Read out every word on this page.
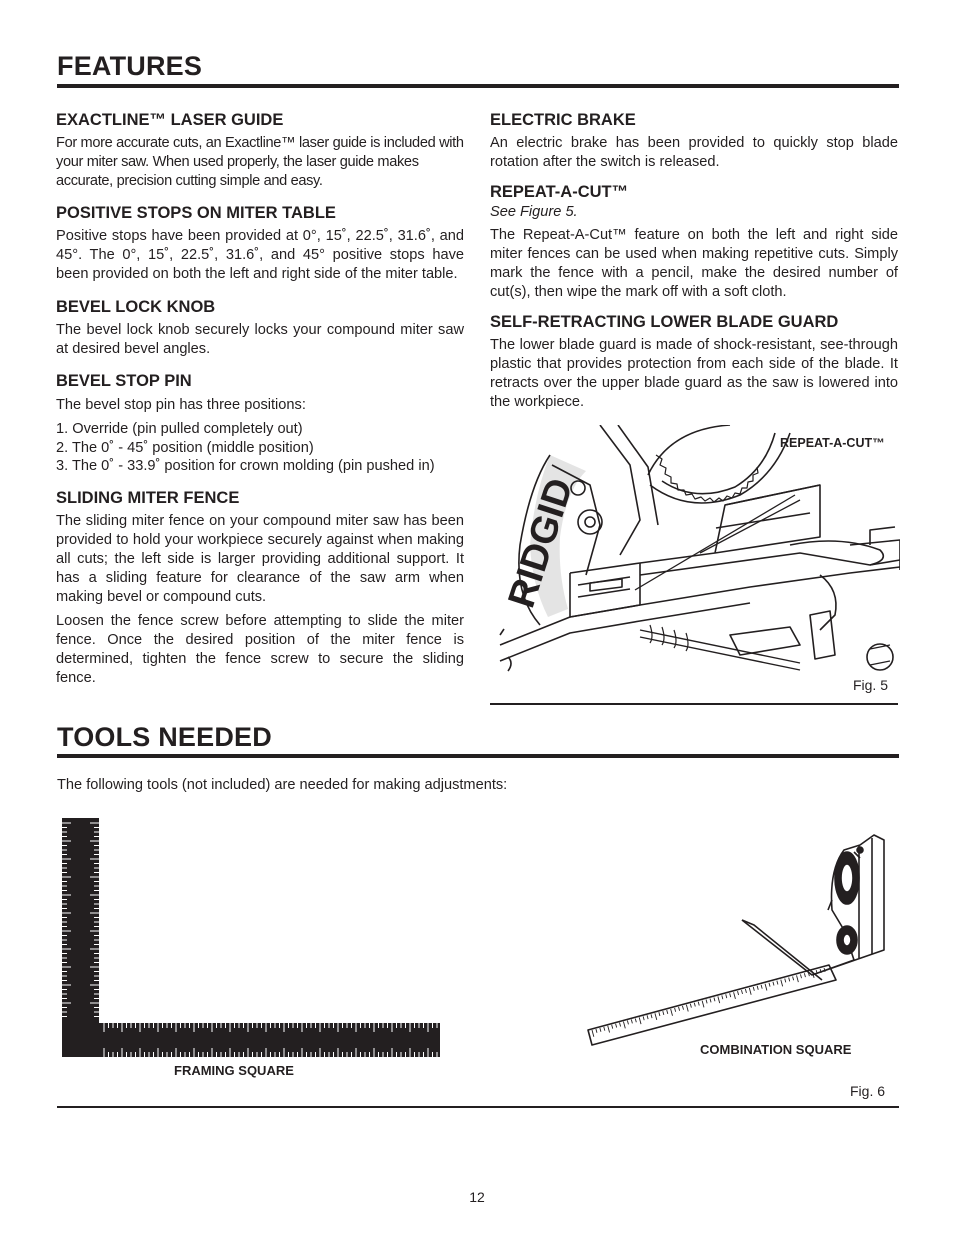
FEATURES
EXACTLINE™ LASER GUIDE

For more accurate cuts, an Exactline™ laser guide is included with your miter saw. When used properly, the laser guide makes accurate, precision cutting simple and easy.

POSITIVE STOPS ON MITER TABLE

Positive stops have been provided at 0°, 15˚, 22.5˚, 31.6˚, and 45°. The 0°, 15˚, 22.5˚, 31.6˚, and 45° positive stops have been provided on both the left and right side of the miter table.

BEVEL LOCK KNOB

The bevel lock knob securely locks your compound miter saw at desired bevel angles.

BEVEL STOP PIN

The bevel stop pin has three positions:

1. Override (pin pulled completely out)
2. The 0˚ - 45˚ position (middle position)
3. The 0˚ - 33.9˚ position for crown molding (pin pushed in)
SLIDING MITER FENCE

The sliding miter fence on your compound miter saw has been provided to hold your workpiece securely against when making all cuts; the left side is larger providing additional support. It has a sliding feature for clearance of the saw arm when making bevel or compound cuts.

Loosen the fence screw before attempting to slide the miter fence. Once the desired position of the miter fence is determined, tighten the fence screw to secure the sliding fence.

ELECTRIC BRAKE

An electric brake has been provided to quickly stop blade rotation after the switch is released.

REPEAT-A-CUT™

See Figure 5.

The Repeat-A-Cut™ feature on both the left and right side miter fences can be used when making repetitive cuts. Simply mark the fence with a pencil, make the desired number of cut(s), then wipe the mark off with a soft cloth.

SELF-RETRACTING LOWER BLADE GUARD

The lower blade guard is made of shock-resistant, see-through plastic that provides protection from each side of the blade. It retracts over the upper blade guard as the saw is lowered into the workpiece.

RIDGID
REPEAT-A-CUT™
Fig. 5
TOOLS NEEDED

The following tools (not included) are needed for making adjustments:

FRAMING SQUARE
COMBINATION SQUARE
Fig. 6
12
